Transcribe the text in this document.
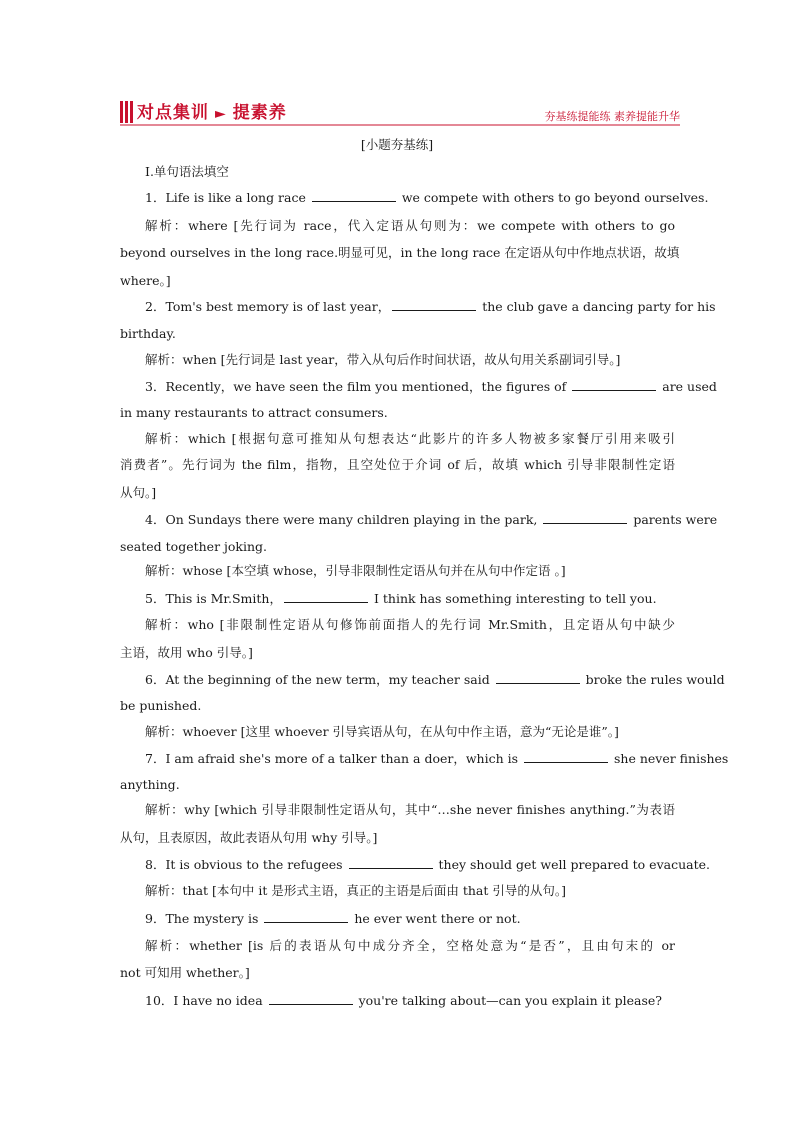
对点集训 ► 提素养	夯基练提能练 素养提能升华
[小题夯基练]
Ⅰ.单句语法填空
1．Life is like a long race	we compete with others to go beyond ourselves.
解析：where [先行词为 race，代入定语从句则为：we compete with others to go
beyond ourselves in the long race.明显可见，in the long race 在定语从句中作地点状语，故填
where。]
2．Tom's best memory is of last year，	the club gave a dancing party for his
birthday.
解析：when [先行词是 last year，带入从句后作时间状语，故从句用关系副词引导。]
3．Recently，we have seen the film you mentioned，the figures of	are used
in many restaurants to attract consumers.
解析：which [根据句意可推知从句想表达“此影片的许多人物被多家餐厅引用来吸引
消费者”。先行词为 the film，指物，且空处位于介词 of 后，故填 which 引导非限制性定语
从句。]
4．On Sundays there were many children playing in the park,	parents were
seated together joking.
解析：whose [本空填 whose，引导非限制性定语从句并在从句中作定语 。]
5．This is Mr.Smith，	I think has something interesting to tell you.
解析：who [非限制性定语从句修饰前面指人的先行词 Mr.Smith，且定语从句中缺少
主语，故用 who 引导。]
6．At the beginning of the new term，my teacher said	broke the rules would
be punished.
解析：whoever [这里 whoever 引导宾语从句，在从句中作主语，意为“无论是谁”。]
7．I am afraid she's more of a talker than a doer，which is	she never finishes
anything.
解析：why [which 引导非限制性定语从句，其中“…she never finishes anything.”为表语
从句，且表原因，故此表语从句用 why 引导。]
8．It is obvious to the refugees	they should get well prepared to evacuate.
解析：that [本句中 it 是形式主语，真正的主语是后面由 that 引导的从句。]
9．The mystery is	he ever went there or not.
解析：whether [is 后的表语从句中成分齐全，空格处意为“是否”，且由句末的 or
not 可知用 whether。]
10．I have no idea	you're talking about—can you explain it please?
